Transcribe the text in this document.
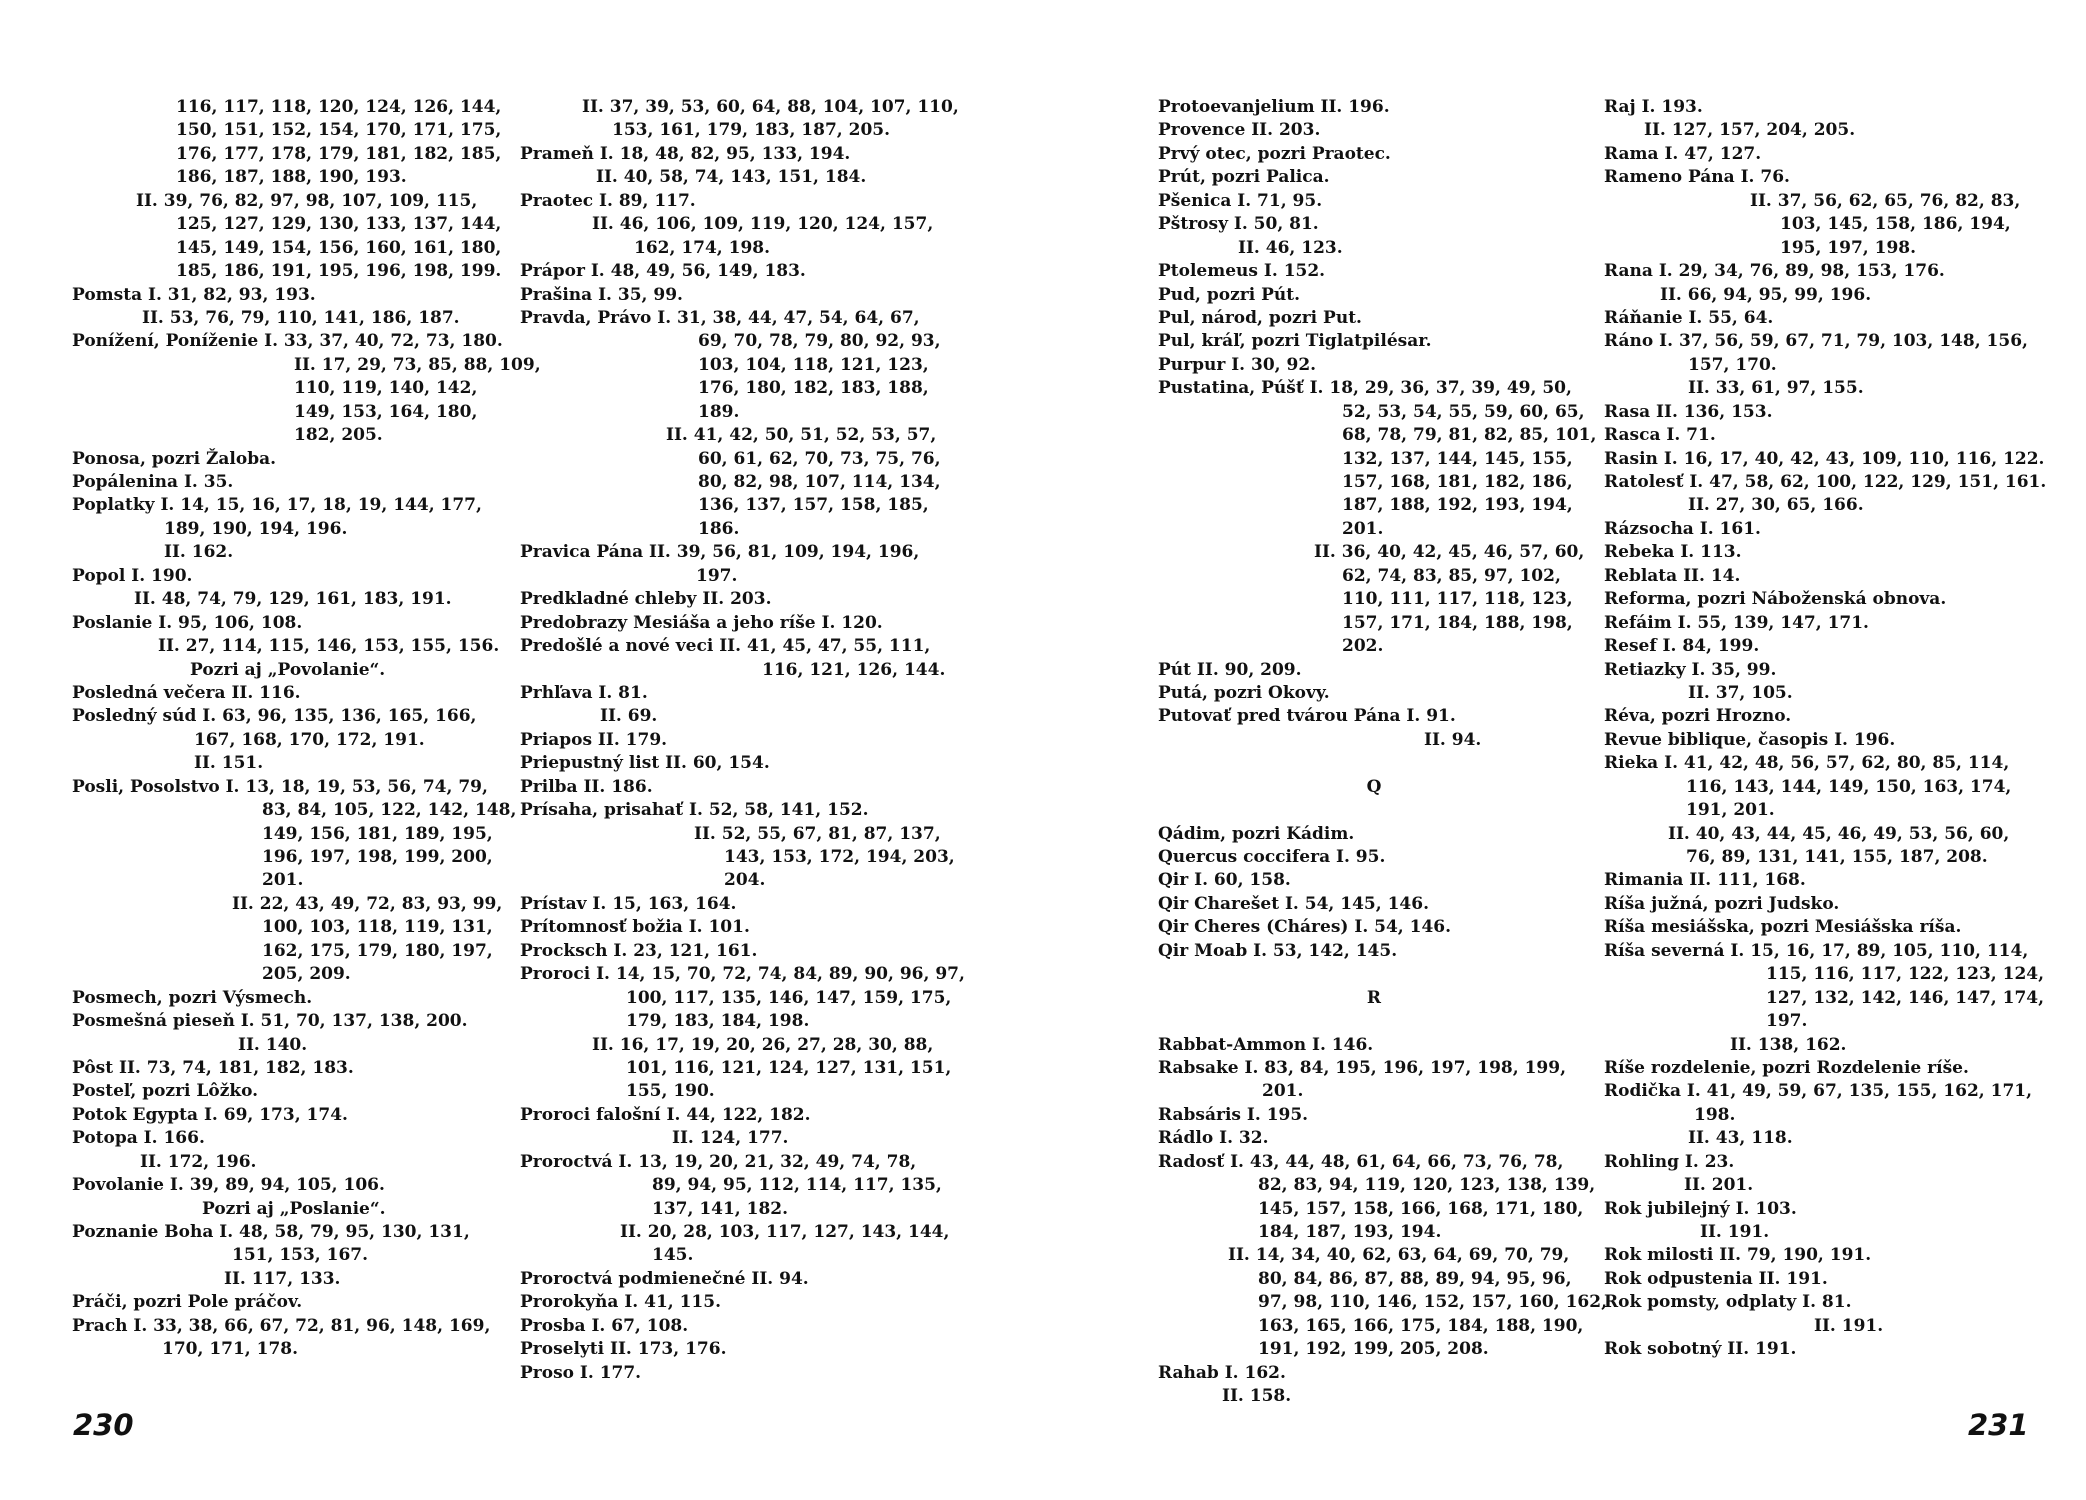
116, 117, 118, 120, 124, 126, 144,
150, 151, 152, 154, 170, 171, 175,
176, 177, 178, 179, 181, 182, 185,
186, 187, 188, 190, 193.
II. 39, 76, 82, 97, 98, 107, 109, 115,
125, 127, 129, 130, 133, 137, 144,
145, 149, 154, 156, 160, 161, 180,
185, 186, 191, 195, 196, 198, 199.
Pomsta I. 31, 82, 93, 193.
II. 53, 76, 79, 110, 141, 186, 187.
Ponížení, Poníženie I. 33, 37, 40, 72, 73, 180.
II. 17, 29, 73, 85, 88, 109,
110, 119, 140, 142,
149, 153, 164, 180,
182, 205.
Ponosa, pozri Žaloba.
Popálenina I. 35.
Poplatky I. 14, 15, 16, 17, 18, 19, 144, 177,
189, 190, 194, 196.
II. 162.
Popol I. 190.
II. 48, 74, 79, 129, 161, 183, 191.
Poslanie I. 95, 106, 108.
II. 27, 114, 115, 146, 153, 155, 156.
Pozri aj „Povolanie“.
Posledná večera II. 116.
Posledný súd I. 63, 96, 135, 136, 165, 166,
167, 168, 170, 172, 191.
II. 151.
Posli, Posolstvo I. 13, 18, 19, 53, 56, 74, 79,
83, 84, 105, 122, 142, 148,
149, 156, 181, 189, 195,
196, 197, 198, 199, 200,
201.
II. 22, 43, 49, 72, 83, 93, 99,
100, 103, 118, 119, 131,
162, 175, 179, 180, 197,
205, 209.
Posmech, pozri Výsmech.
Posmešná pieseň I. 51, 70, 137, 138, 200.
II. 140.
Pôst II. 73, 74, 181, 182, 183.
Posteľ, pozri Lôžko.
Potok Egypta I. 69, 173, 174.
Potopa I. 166.
II. 172, 196.
Povolanie I. 39, 89, 94, 105, 106.
Pozri aj „Poslanie“.
Poznanie Boha I. 48, 58, 79, 95, 130, 131,
151, 153, 167.
II. 117, 133.
Práči, pozri Pole práčov.
Prach I. 33, 38, 66, 67, 72, 81, 96, 148, 169,
170, 171, 178.
II. 37, 39, 53, 60, 64, 88, 104, 107, 110,
153, 161, 179, 183, 187, 205.
Prameň I. 18, 48, 82, 95, 133, 194.
II. 40, 58, 74, 143, 151, 184.
Praotec I. 89, 117.
II. 46, 106, 109, 119, 120, 124, 157,
162, 174, 198.
Prápor I. 48, 49, 56, 149, 183.
Prašina I. 35, 99.
Pravda, Právo I. 31, 38, 44, 47, 54, 64, 67,
69, 70, 78, 79, 80, 92, 93,
103, 104, 118, 121, 123,
176, 180, 182, 183, 188,
189.
II. 41, 42, 50, 51, 52, 53, 57,
60, 61, 62, 70, 73, 75, 76,
80, 82, 98, 107, 114, 134,
136, 137, 157, 158, 185,
186.
Pravica Pána II. 39, 56, 81, 109, 194, 196,
197.
Predkladné chleby II. 203.
Predobrazy Mesiáša a jeho ríše I. 120.
Predošlé a nové veci II. 41, 45, 47, 55, 111,
116, 121, 126, 144.
Prhľava I. 81.
II. 69.
Priapos II. 179.
Priepustný list II. 60, 154.
Prilba II. 186.
Prísaha, prisahať I. 52, 58, 141, 152.
II. 52, 55, 67, 81, 87, 137,
143, 153, 172, 194, 203,
204.
Prístav I. 15, 163, 164.
Prítomnosť božia I. 101.
Procksch I. 23, 121, 161.
Proroci I. 14, 15, 70, 72, 74, 84, 89, 90, 96, 97,
100, 117, 135, 146, 147, 159, 175,
179, 183, 184, 198.
II. 16, 17, 19, 20, 26, 27, 28, 30, 88,
101, 116, 121, 124, 127, 131, 151,
155, 190.
Proroci falošní I. 44, 122, 182.
II. 124, 177.
Proroctvá I. 13, 19, 20, 21, 32, 49, 74, 78,
89, 94, 95, 112, 114, 117, 135,
137, 141, 182.
II. 20, 28, 103, 117, 127, 143, 144,
145.
Proroctvá podmienečné II. 94.
Prorokyňa I. 41, 115.
Prosba I. 67, 108.
Proselyti II. 173, 176.
Proso I. 177.
Protoevanjelium II. 196.
Provence II. 203.
Prvý otec, pozri Praotec.
Prút, pozri Palica.
Pšenica I. 71, 95.
Pštrosy I. 50, 81.
II. 46, 123.
Ptolemeus I. 152.
Pud, pozri Pút.
Pul, národ, pozri Put.
Pul, kráľ, pozri Tiglatpilésar.
Purpur I. 30, 92.
Pustatina, Púšť I. 18, 29, 36, 37, 39, 49, 50,
52, 53, 54, 55, 59, 60, 65,
68, 78, 79, 81, 82, 85, 101,
132, 137, 144, 145, 155,
157, 168, 181, 182, 186,
187, 188, 192, 193, 194,
201.
II. 36, 40, 42, 45, 46, 57, 60,
62, 74, 83, 85, 97, 102,
110, 111, 117, 118, 123,
157, 171, 184, 188, 198,
202.
Pút II. 90, 209.
Putá, pozri Okovy.
Putovať pred tvárou Pána I. 91.
II. 94.
Q
Qádim, pozri Kádim.
Quercus coccifera I. 95.
Qir I. 60, 158.
Qir Charešet I. 54, 145, 146.
Qir Cheres (Cháres) I. 54, 146.
Qir Moab I. 53, 142, 145.
R
Rabbat-Ammon I. 146.
Rabsake I. 83, 84, 195, 196, 197, 198, 199,
201.
Rabsáris I. 195.
Rádlo I. 32.
Radosť I. 43, 44, 48, 61, 64, 66, 73, 76, 78,
82, 83, 94, 119, 120, 123, 138, 139,
145, 157, 158, 166, 168, 171, 180,
184, 187, 193, 194.
II. 14, 34, 40, 62, 63, 64, 69, 70, 79,
80, 84, 86, 87, 88, 89, 94, 95, 96,
97, 98, 110, 146, 152, 157, 160, 162,
163, 165, 166, 175, 184, 188, 190,
191, 192, 199, 205, 208.
Rahab I. 162.
II. 158.
Raj I. 193.
II. 127, 157, 204, 205.
Rama I. 47, 127.
Rameno Pána I. 76.
II. 37, 56, 62, 65, 76, 82, 83,
103, 145, 158, 186, 194,
195, 197, 198.
Rana I. 29, 34, 76, 89, 98, 153, 176.
II. 66, 94, 95, 99, 196.
Ráňanie I. 55, 64.
Ráno I. 37, 56, 59, 67, 71, 79, 103, 148, 156,
157, 170.
II. 33, 61, 97, 155.
Rasa II. 136, 153.
Rasca I. 71.
Rasin I. 16, 17, 40, 42, 43, 109, 110, 116, 122.
Ratolesť I. 47, 58, 62, 100, 122, 129, 151, 161.
II. 27, 30, 65, 166.
Rázsocha I. 161.
Rebeka I. 113.
Reblata II. 14.
Reforma, pozri Náboženská obnova.
Refáim I. 55, 139, 147, 171.
Resef I. 84, 199.
Retiazky I. 35, 99.
II. 37, 105.
Réva, pozri Hrozno.
Revue biblique, časopis I. 196.
Rieka I. 41, 42, 48, 56, 57, 62, 80, 85, 114,
116, 143, 144, 149, 150, 163, 174,
191, 201.
II. 40, 43, 44, 45, 46, 49, 53, 56, 60,
76, 89, 131, 141, 155, 187, 208.
Rimania II. 111, 168.
Ríša južná, pozri Judsko.
Ríša mesiášska, pozri Mesiášska ríša.
Ríša severná I. 15, 16, 17, 89, 105, 110, 114,
115, 116, 117, 122, 123, 124,
127, 132, 142, 146, 147, 174,
197.
II. 138, 162.
Ríše rozdelenie, pozri Rozdelenie ríše.
Rodička I. 41, 49, 59, 67, 135, 155, 162, 171,
198.
II. 43, 118.
Rohling I. 23.
II. 201.
Rok jubilejný I. 103.
II. 191.
Rok milosti II. 79, 190, 191.
Rok odpustenia II. 191.
Rok pomsty, odplaty I. 81.
II. 191.
Rok sobotný II. 191.
230	231
